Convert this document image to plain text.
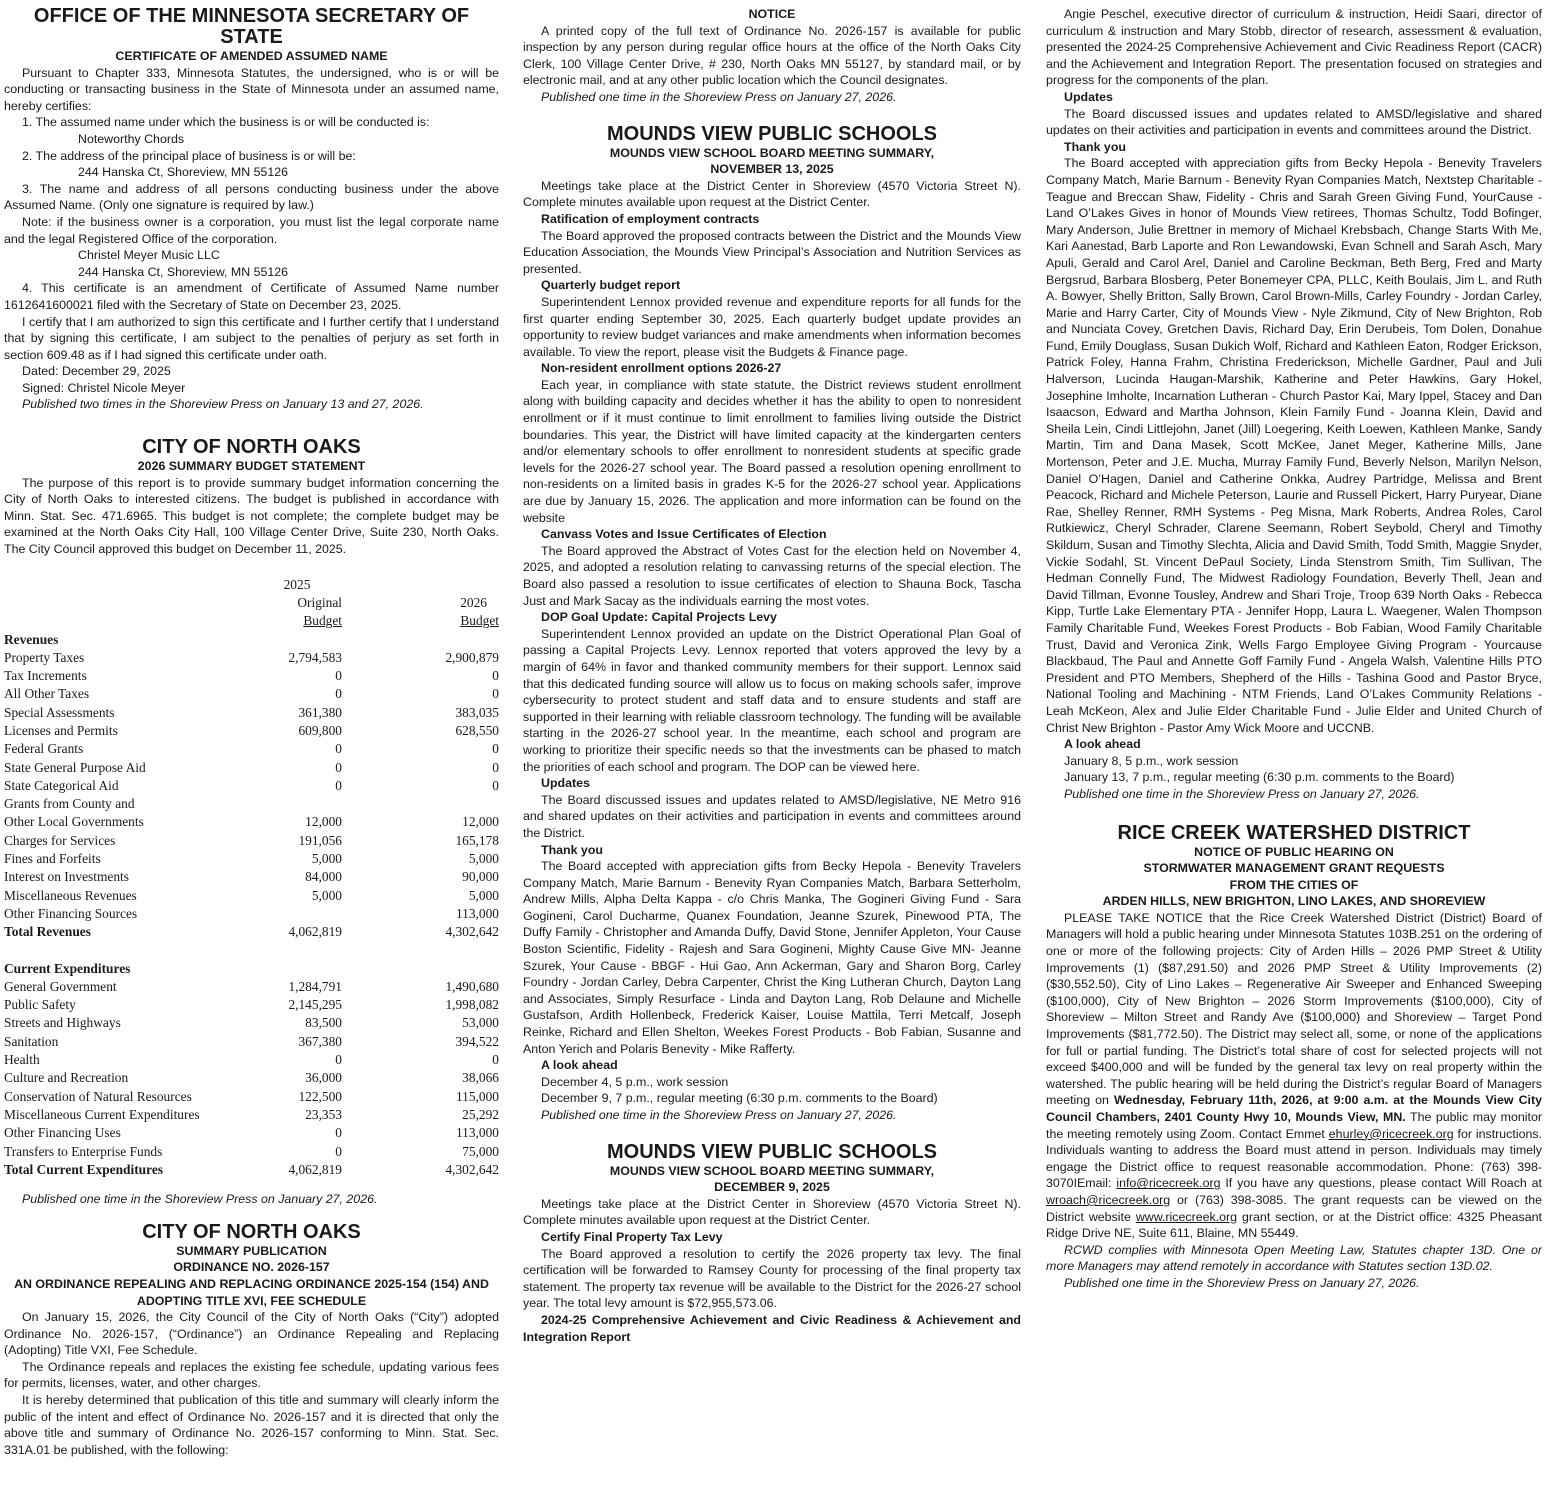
OFFICE OF THE MINNESOTA SECRETARY OF STATE
CERTIFICATE OF AMENDED ASSUMED NAME

Pursuant to Chapter 333, Minnesota Statutes, the undersigned, who is or will be conducting or transacting business in the State of Minnesota under an assumed name, hereby certifies:

1. The assumed name under which the business is or will be conducted is:

Noteworthy Chords

2. The address of the principal place of business is or will be:

244 Hanska Ct, Shoreview, MN 55126

3. The name and address of all persons conducting business under the above Assumed Name. (Only one signature is required by law.)

Note: if the business owner is a corporation, you must list the legal corporate name and the legal Registered Office of the corporation.

Christel Meyer Music LLC

244 Hanska Ct, Shoreview, MN 55126

4. This certificate is an amendment of Certificate of Assumed Name number 1612641600021 filed with the Secretary of State on December 23, 2025.

I certify that I am authorized to sign this certificate and I further certify that I understand that by signing this certificate, I am subject to the penalties of perjury as set forth in section 609.48 as if I had signed this certificate under oath.

Dated: December 29, 2025

Signed: Christel Nicole Meyer

Published two times in the Shoreview Press on January 13 and 27, 2026.

CITY OF NORTH OAKS
2026 SUMMARY BUDGET STATEMENT

The purpose of this report is to provide summary budget information concerning the City of North Oaks to interested citizens. The budget is published in accordance with Minn. Stat. Sec. 471.6965. This budget is not complete; the complete budget may be examined at the North Oaks City Hall, 100 Village Center Drive, Suite 230, North Oaks. The City Council approved this budget on December 11, 2025.

	2025	
	Original	2026
	Budget	Budget
Revenues		
Property Taxes	2,794,583	2,900,879
Tax Increments	0	0
All Other Taxes	0	0
Special Assessments	361,380	383,035
Licenses and Permits	609,800	628,550
Federal Grants	0	0
State General Purpose Aid	0	0
State Categorical Aid	0	0
Grants from County and		
Other Local Governments	12,000	12,000
Charges for Services	191,056	165,178
Fines and Forfeits	5,000	5,000
Interest on Investments	84,000	90,000
Miscellaneous Revenues	5,000	5,000
Other Financing Sources		113,000
Total Revenues	4,062,819	4,302,642

Current Expenditures		
General Government	1,284,791	1,490,680
Public Safety	2,145,295	1,998,082
Streets and Highways	83,500	53,000
Sanitation	367,380	394,522
Health	0	0
Culture and Recreation	36,000	38,066
Conservation of Natural Resources	122,500	115,000
Miscellaneous Current Expenditures	23,353	25,292
Other Financing Uses	0	113,000
Transfers to Enterprise Funds	0	75,000
Total Current Expenditures	4,062,819	4,302,642

Published one time in the Shoreview Press on January 27, 2026.

CITY OF NORTH OAKS
SUMMARY PUBLICATION
ORDINANCE NO. 2026-157
AN ORDINANCE REPEALING AND REPLACING ORDINANCE 2025-154 (154) AND ADOPTING TITLE XVI, FEE SCHEDULE

On January 15, 2026, the City Council of the City of North Oaks (“City”) adopted Ordinance No. 2026-157, (“Ordinance”) an Ordinance Repealing and Replacing (Adopting) Title VXI, Fee Schedule.

The Ordinance repeals and replaces the existing fee schedule, updating various fees for permits, licenses, water, and other charges.

It is hereby determined that publication of this title and summary will clearly inform the public of the intent and effect of Ordinance No. 2026-157 and it is directed that only the above title and summary of Ordinance No. 2026-157 conforming to Minn. Stat. Sec. 331A.01 be published, with the following:

NOTICE

A printed copy of the full text of Ordinance No. 2026-157 is available for public inspection by any person during regular office hours at the office of the North Oaks City Clerk, 100 Village Center Drive, # 230, North Oaks MN 55127, by standard mail, or by electronic mail, and at any other public location which the Council designates.

Published one time in the Shoreview Press on January 27, 2026.

MOUNDS VIEW PUBLIC SCHOOLS
MOUNDS VIEW SCHOOL BOARD MEETING SUMMARY,
NOVEMBER 13, 2025

Meetings take place at the District Center in Shoreview (4570 Victoria Street N). Complete minutes available upon request at the District Center.

Ratification of employment contracts

The Board approved the proposed contracts between the District and the Mounds View Education Association, the Mounds View Principal’s Association and Nutrition Services as presented.

Quarterly budget report

Superintendent Lennox provided revenue and expenditure reports for all funds for the first quarter ending September 30, 2025. Each quarterly budget update provides an opportunity to review budget variances and make amendments when information becomes available. To view the report, please visit the Budgets & Finance page.

Non-resident enrollment options 2026-27

Each year, in compliance with state statute, the District reviews student enrollment along with building capacity and decides whether it has the ability to open to nonresident enrollment or if it must continue to limit enrollment to families living outside the District boundaries. This year, the District will have limited capacity at the kindergarten centers and/or elementary schools to offer enrollment to nonresident students at specific grade levels for the 2026-27 school year. The Board passed a resolution opening enrollment to non-residents on a limited basis in grades K-5 for the 2026-27 school year. Applications are due by January 15, 2026. The application and more information can be found on the website

Canvass Votes and Issue Certificates of Election

The Board approved the Abstract of Votes Cast for the election held on November 4, 2025, and adopted a resolution relating to canvassing returns of the special election. The Board also passed a resolution to issue certificates of election to Shauna Bock, Tascha Just and Mark Sacay as the individuals earning the most votes.

DOP Goal Update: Capital Projects Levy

Superintendent Lennox provided an update on the District Operational Plan Goal of passing a Capital Projects Levy. Lennox reported that voters approved the levy by a margin of 64% in favor and thanked community members for their support. Lennox said that this dedicated funding source will allow us to focus on making schools safer, improve cybersecurity to protect student and staff data and to ensure students and staff are supported in their learning with reliable classroom technology. The funding will be available starting in the 2026-27 school year. In the meantime, each school and program are working to prioritize their specific needs so that the investments can be phased to match the priorities of each school and program. The DOP can be viewed here.

Updates

The Board discussed issues and updates related to AMSD/legislative, NE Metro 916 and shared updates on their activities and participation in events and committees around the District.

Thank you

The Board accepted with appreciation gifts from Becky Hepola - Benevity Travelers Company Match, Marie Barnum - Benevity Ryan Companies Match, Barbara Setterholm, Andrew Mills, Alpha Delta Kappa - c/o Chris Manka, The Gogineri Giving Fund - Sara Gogineni, Carol Ducharme, Quanex Foundation, Jeanne Szurek, Pinewood PTA, The Duffy Family - Christopher and Amanda Duffy, David Stone, Jennifer Appleton, Your Cause Boston Scientific, Fidelity - Rajesh and Sara Gogineni, Mighty Cause Give MN- Jeanne Szurek, Your Cause - BBGF - Hui Gao, Ann Ackerman, Gary and Sharon Borg, Carley Foundry - Jordan Carley, Debra Carpenter, Christ the King Lutheran Church, Dayton Lang and Associates, Simply Resurface - Linda and Dayton Lang, Rob Delaune and Michelle Gustafson, Ardith Hollenbeck, Frederick Kaiser, Louise Mattila, Terri Metcalf, Joseph Reinke, Richard and Ellen Shelton, Weekes Forest Products - Bob Fabian, Susanne and Anton Yerich and Polaris Benevity - Mike Rafferty.

A look ahead

December 4, 5 p.m., work session

December 9, 7 p.m., regular meeting (6:30 p.m. comments to the Board)

Published one time in the Shoreview Press on January 27, 2026.

MOUNDS VIEW PUBLIC SCHOOLS
MOUNDS VIEW SCHOOL BOARD MEETING SUMMARY,
DECEMBER 9, 2025

Meetings take place at the District Center in Shoreview (4570 Victoria Street N). Complete minutes available upon request at the District Center.

Certify Final Property Tax Levy

The Board approved a resolution to certify the 2026 property tax levy. The final certification will be forwarded to Ramsey County for processing of the final property tax statement. The property tax revenue will be available to the District for the 2026-27 school year. The total levy amount is $72,955,573.06.

2024-25 Comprehensive Achievement and Civic Readiness & Achievement and Integration Report

Angie Peschel, executive director of curriculum & instruction, Heidi Saari, director of curriculum & instruction and Mary Stobb, director of research, assessment & evaluation, presented the 2024-25 Comprehensive Achievement and Civic Readiness Report (CACR) and the Achievement and Integration Report. The presentation focused on strategies and progress for the components of the plan.

Updates

The Board discussed issues and updates related to AMSD/legislative and shared updates on their activities and participation in events and committees around the District.

Thank you

The Board accepted with appreciation gifts from Becky Hepola - Benevity Travelers Company Match, Marie Barnum - Benevity Ryan Companies Match, Nextstep Charitable - Teague and Breccan Shaw, Fidelity - Chris and Sarah Green Giving Fund, YourCause - Land O’Lakes Gives in honor of Mounds View retirees, Thomas Schultz, Todd Bofinger, Mary Anderson, Julie Brettner in memory of Michael Krebsbach, Change Starts With Me, Kari Aanestad, Barb Laporte and Ron Lewandowski, Evan Schnell and Sarah Asch, Mary Apuli, Gerald and Carol Arel, Daniel and Caroline Beckman, Beth Berg, Fred and Marty Bergsrud, Barbara Blosberg, Peter Bonemeyer CPA, PLLC, Keith Boulais, Jim L. and Ruth A. Bowyer, Shelly Britton, Sally Brown, Carol Brown-Mills, Carley Foundry - Jordan Carley, Marie and Harry Carter, City of Mounds View - Nyle Zikmund, City of New Brighton, Rob and Nunciata Covey, Gretchen Davis, Richard Day, Erin Derubeis, Tom Dolen, Donahue Fund, Emily Douglass, Susan Dukich Wolf, Richard and Kathleen Eaton, Rodger Erickson, Patrick Foley, Hanna Frahm, Christina Frederickson, Michelle Gardner, Paul and Juli Halverson, Lucinda Haugan-Marshik, Katherine and Peter Hawkins, Gary Hokel, Josephine Imholte, Incarnation Lutheran - Church Pastor Kai, Mary Ippel, Stacey and Dan Isaacson, Edward and Martha Johnson, Klein Family Fund - Joanna Klein, David and Sheila Lein, Cindi Littlejohn, Janet (Jill) Loegering, Keith Loewen, Kathleen Manke, Sandy Martin, Tim and Dana Masek, Scott McKee, Janet Meger, Katherine Mills, Jane Mortenson, Peter and J.E. Mucha, Murray Family Fund, Beverly Nelson, Marilyn Nelson, Daniel O’Hagen, Daniel and Catherine Onkka, Audrey Partridge, Melissa and Brent Peacock, Richard and Michele Peterson, Laurie and Russell Pickert, Harry Puryear, Diane Rae, Shelley Renner, RMH Systems - Peg Misna, Mark Roberts, Andrea Roles, Carol Rutkiewicz, Cheryl Schrader, Clarene Seemann, Robert Seybold, Cheryl and Timothy Skildum, Susan and Timothy Slechta, Alicia and David Smith, Todd Smith, Maggie Snyder, Vickie Sodahl, St. Vincent DePaul Society, Linda Stenstrom Smith, Tim Sullivan, The Hedman Connelly Fund, The Midwest Radiology Foundation, Beverly Thell, Jean and David Tillman, Evonne Tousley, Andrew and Shari Troje, Troop 639 North Oaks - Rebecca Kipp, Turtle Lake Elementary PTA - Jennifer Hopp, Laura L. Waegener, Walen Thompson Family Charitable Fund, Weekes Forest Products - Bob Fabian, Wood Family Charitable Trust, David and Veronica Zink, Wells Fargo Employee Giving Program - Yourcause Blackbaud, The Paul and Annette Goff Family Fund - Angela Walsh, Valentine Hills PTO President and PTO Members, Shepherd of the Hills - Tashina Good and Pastor Bryce, National Tooling and Machining - NTM Friends, Land O’Lakes Community Relations - Leah McKeon, Alex and Julie Elder Charitable Fund - Julie Elder and United Church of Christ New Brighton - Pastor Amy Wick Moore and UCCNB.

A look ahead

January 8, 5 p.m., work session

January 13, 7 p.m., regular meeting (6:30 p.m. comments to the Board)

Published one time in the Shoreview Press on January 27, 2026.

RICE CREEK WATERSHED DISTRICT
NOTICE OF PUBLIC HEARING ON
STORMWATER MANAGEMENT GRANT REQUESTS
FROM THE CITIES OF
ARDEN HILLS, NEW BRIGHTON, LINO LAKES, AND SHOREVIEW

PLEASE TAKE NOTICE that the Rice Creek Watershed District (District) Board of Managers will hold a public hearing under Minnesota Statutes 103B.251 on the ordering of one or more of the following projects: City of Arden Hills – 2026 PMP Street & Utility Improvements (1) ($87,291.50) and 2026 PMP Street & Utility Improvements (2) ($30,552.50), City of Lino Lakes – Regenerative Air Sweeper and Enhanced Sweeping ($100,000), City of New Brighton – 2026 Storm Improvements ($100,000), City of Shoreview – Milton Street and Randy Ave ($100,000) and Shoreview – Target Pond Improvements ($81,772.50). The District may select all, some, or none of the applications for full or partial funding. The District’s total share of cost for selected projects will not exceed $400,000 and will be funded by the general tax levy on real property within the watershed. The public hearing will be held during the District’s regular Board of Managers meeting on Wednesday, February 11th, 2026, at 9:00 a.m. at the Mounds View City Council Chambers, 2401 County Hwy 10, Mounds View, MN. The public may monitor the meeting remotely using Zoom. Contact Emmet ehurley@ricecreek.org for instructions. Individuals wanting to address the Board must attend in person. Individuals may timely engage the District office to request reasonable accommodation. Phone: (763) 398-3070IEmail: info@ricecreek.org If you have any questions, please contact Will Roach at wroach@ricecreek.org or (763) 398-3085. The grant requests can be viewed on the District website www.ricecreek.org grant section, or at the District office: 4325 Pheasant Ridge Drive NE, Suite 611, Blaine, MN 55449.

RCWD complies with Minnesota Open Meeting Law, Statutes chapter 13D. One or more Managers may attend remotely in accordance with Statutes section 13D.02.

Published one time in the Shoreview Press on January 27, 2026.
